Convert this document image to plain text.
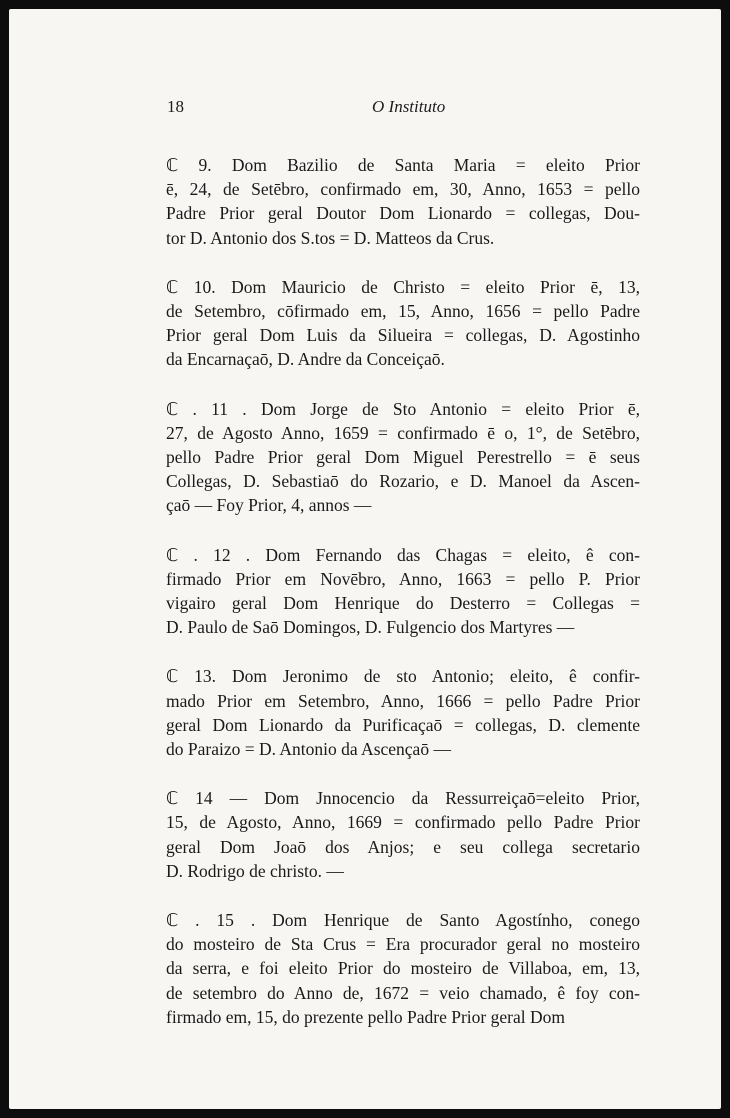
18	O Instituto
ℂ 9. Dom Bazilio de Santa Maria = eleito Prior
ē, 24, de Setēbro, confirmado em, 30, Anno, 1653 = pello
Padre Prior geral Doutor Dom Lionardo = collegas, Dou-
tor D. Antonio dos S.tos = D. Matteos da Crus.
ℂ 10. Dom Mauricio de Christo = eleito Prior ē, 13,
de Setembro, cōfirmado em, 15, Anno, 1656 = pello Padre
Prior geral Dom Luis da Silueira = collegas, D. Agostinho
da Encarnaçaō, D. Andre da Conceiçaō.
ℂ . 11 . Dom Jorge de Sto Antonio = eleito Prior ē,
27, de Agosto Anno, 1659 = confirmado ē o, 1°, de Setēbro,
pello Padre Prior geral Dom Miguel Perestrello = ē seus
Collegas, D. Sebastiaō do Rozario, e D. Manoel da Ascen-
çaō — Foy Prior, 4, annos —
ℂ . 12 . Dom Fernando das Chagas = eleito, ê con-
firmado Prior em Novēbro, Anno, 1663 = pello P. Prior
vigairo geral Dom Henrique do Desterro = Collegas =
D. Paulo de Saō Domingos, D. Fulgencio dos Martyres —
ℂ 13. Dom Jeronimo de sto Antonio; eleito, ê confir-
mado Prior em Setembro, Anno, 1666 = pello Padre Prior
geral Dom Lionardo da Purificaçaō = collegas, D. clemente
do Paraizo = D. Antonio da Ascençaō —
ℂ 14 — Dom Jnnocencio da Ressurreiçaō=eleito Prior,
15, de Agosto, Anno, 1669 = confirmado pello Padre Prior
geral Dom Joaō dos Anjos; e seu collega secretario
D. Rodrigo de christo. —
ℂ . 15 . Dom Henrique de Santo Agostínho, conego
do mosteiro de Sta Crus = Era procurador geral no mosteiro
da serra, e foi eleito Prior do mosteiro de Villaboa, em, 13,
de setembro do Anno de, 1672 = veio chamado, ê foy con-
firmado em, 15, do prezente pello Padre Prior geral Dom
